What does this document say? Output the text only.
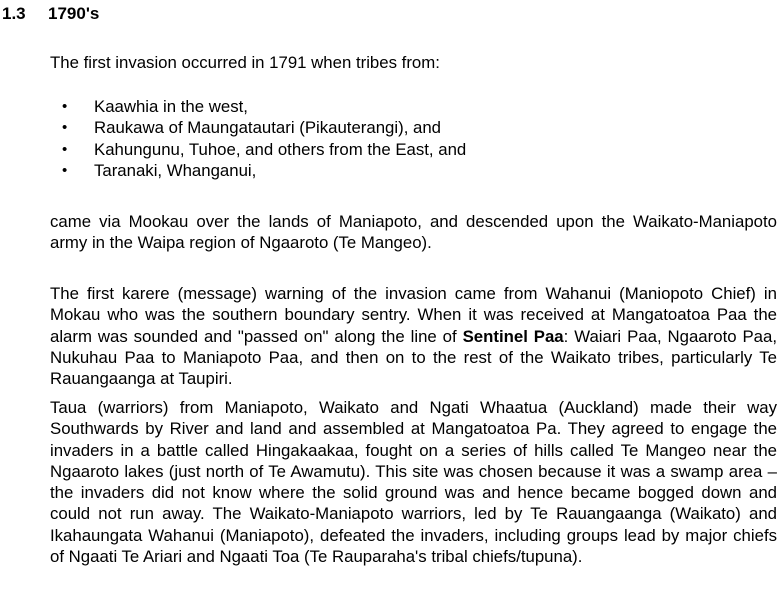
1.3 1790's

The first invasion occurred in 1791 when tribes from:

• Kaawhia in the west,
• Raukawa of Maungatautari (Pikauterangi), and
• Kahungunu, Tuhoe, and others from the East, and
• Taranaki, Whanganui,

came via Mookau over the lands of Maniapoto, and descended upon the Waikato-Maniapoto army in the Waipa region of Ngaaroto (Te Mangeo).

The first karere (message) warning of the invasion came from Wahanui (Maniopoto Chief) in Mokau who was the southern boundary sentry. When it was received at Mangatoatoa Paa the alarm was sounded and "passed on" along the line of Sentinel Paa: Waiari Paa, Ngaaroto Paa, Nukuhau Paa to Maniapoto Paa, and then on to the rest of the Waikato tribes, particularly Te Rauangaanga at Taupiri.

Taua (warriors) from Maniapoto, Waikato and Ngati Whaatua (Auckland) made their way Southwards by River and land and assembled at Mangatoatoa Pa. They agreed to engage the invaders in a battle called Hingakaakaa, fought on a series of hills called Te Mangeo near the Ngaaroto lakes (just north of Te Awamutu). This site was chosen because it was a swamp area – the invaders did not know where the solid ground was and hence became bogged down and could not run away. The Waikato-Maniapoto warriors, led by Te Rauangaanga (Waikato) and Ikahaungata Wahanui (Maniapoto), defeated the invaders, including groups lead by major chiefs of Ngaati Te Ariari and Ngaati Toa (Te Rauparaha's tribal chiefs/tupuna).
